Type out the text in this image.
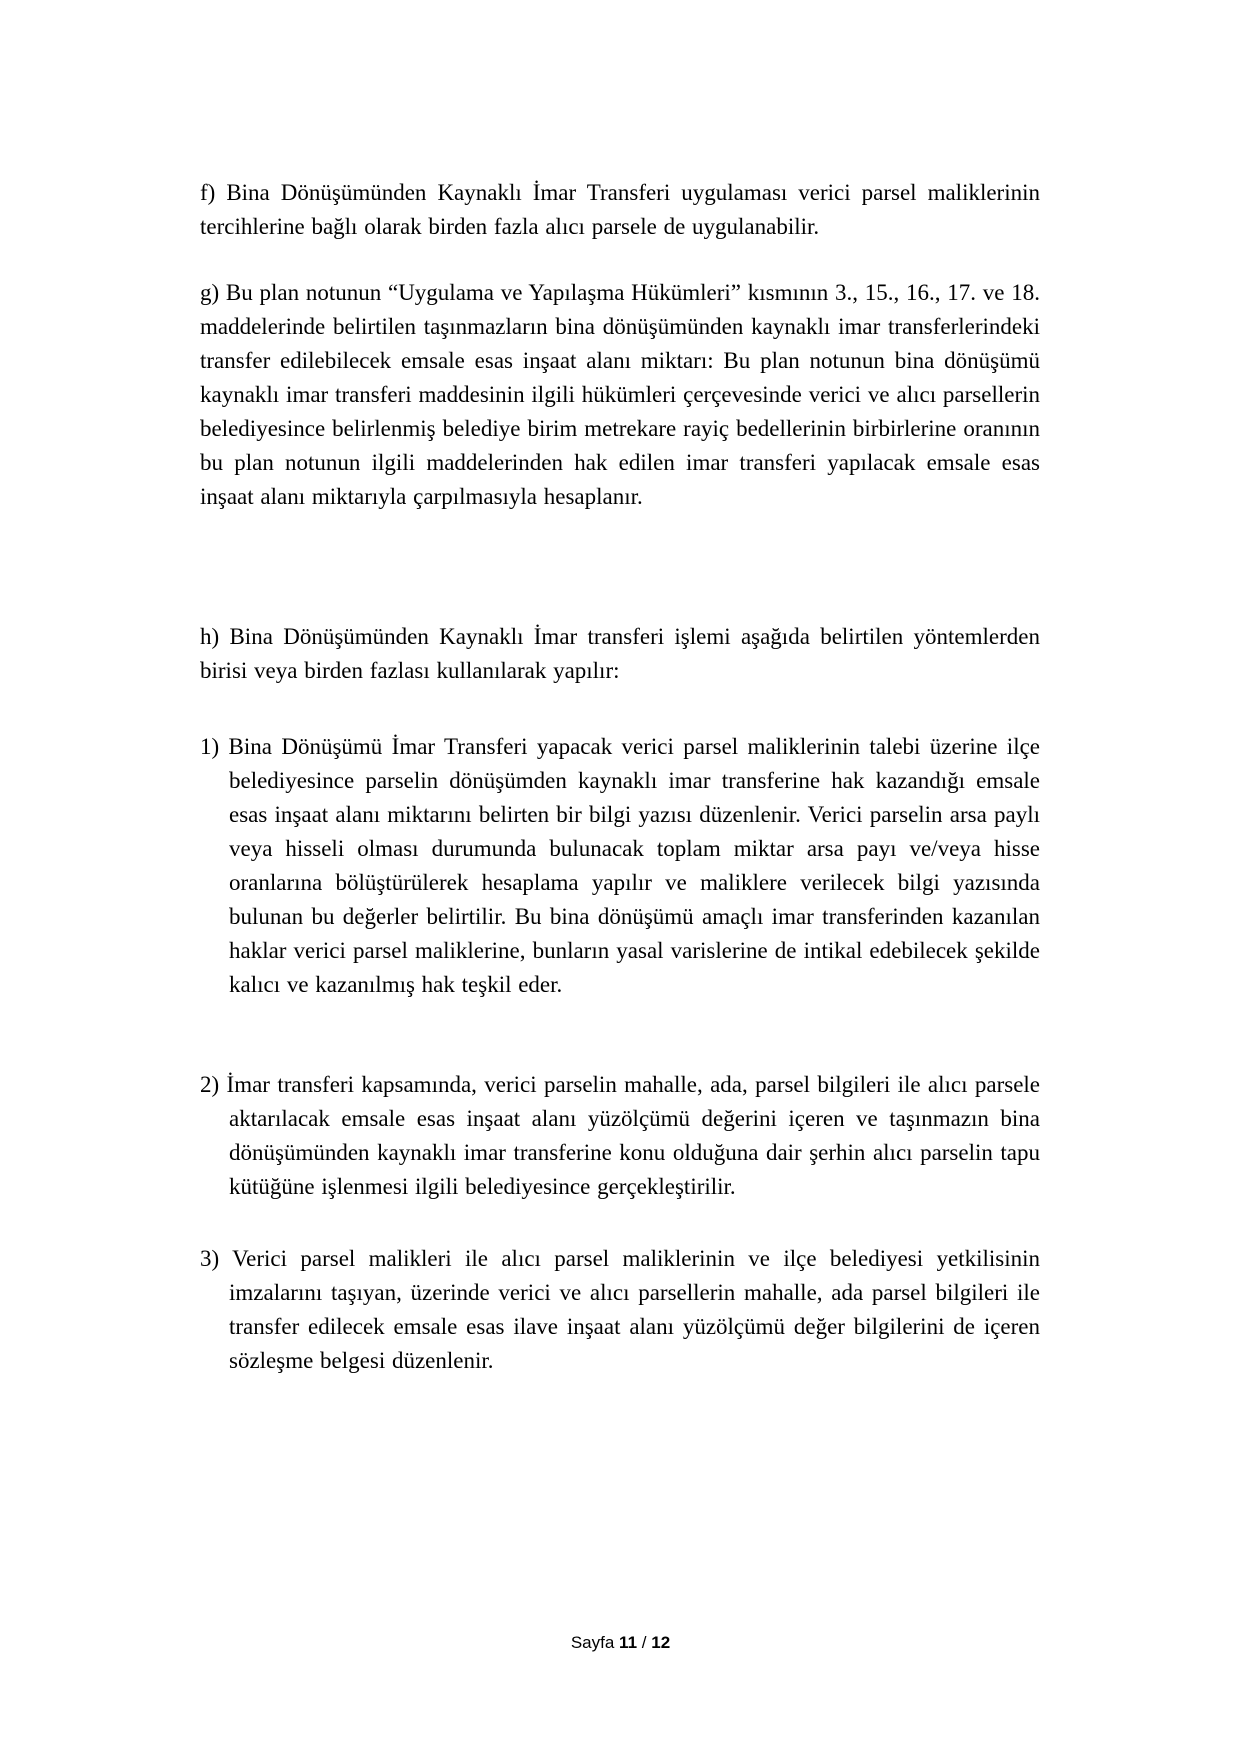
f) Bina Dönüşümünden Kaynaklı İmar Transferi uygulaması verici parsel maliklerinin tercihlerine bağlı olarak birden fazla alıcı parsele de uygulanabilir.

g) Bu plan notunun “Uygulama ve Yapılaşma Hükümleri” kısmının 3., 15., 16., 17. ve 18. maddelerinde belirtilen taşınmazların bina dönüşümünden kaynaklı imar transferlerindeki transfer edilebilecek emsale esas inşaat alanı miktarı: Bu plan notunun bina dönüşümü kaynaklı imar transferi maddesinin ilgili hükümleri çerçevesinde verici ve alıcı parsellerin belediyesince belirlenmiş belediye birim metrekare rayiç bedellerinin birbirlerine oranının bu plan notunun ilgili maddelerinden hak edilen imar transferi yapılacak emsale esas inşaat alanı miktarıyla çarpılmasıyla hesaplanır.

h) Bina Dönüşümünden Kaynaklı İmar transferi işlemi aşağıda belirtilen yöntemlerden birisi veya birden fazlası kullanılarak yapılır:

1) Bina Dönüşümü İmar Transferi yapacak verici parsel maliklerinin talebi üzerine ilçe belediyesince parselin dönüşümden kaynaklı imar transferine hak kazandığı emsale esas inşaat alanı miktarını belirten bir bilgi yazısı düzenlenir. Verici parselin arsa paylı veya hisseli olması durumunda bulunacak toplam miktar arsa payı ve/veya hisse oranlarına bölüştürülerek hesaplama yapılır ve maliklere verilecek bilgi yazısında bulunan bu değerler belirtilir. Bu bina dönüşümü amaçlı imar transferinden kazanılan haklar verici parsel maliklerine, bunların yasal varislerine de intikal edebilecek şekilde kalıcı ve kazanılmış hak teşkil eder.

2) İmar transferi kapsamında, verici parselin mahalle, ada, parsel bilgileri ile alıcı parsele aktarılacak emsale esas inşaat alanı yüzölçümü değerini içeren ve taşınmazın bina dönüşümünden kaynaklı imar transferine konu olduğuna dair şerhin alıcı parselin tapu kütüğüne işlenmesi ilgili belediyesince gerçekleştirilir.

3) Verici parsel malikleri ile alıcı parsel maliklerinin ve ilçe belediyesi yetkilisinin imzalarını taşıyan, üzerinde verici ve alıcı parsellerin mahalle, ada parsel bilgileri ile transfer edilecek emsale esas ilave inşaat alanı yüzölçümü değer bilgilerini de içeren sözleşme belgesi düzenlenir.

Sayfa 11 / 12
